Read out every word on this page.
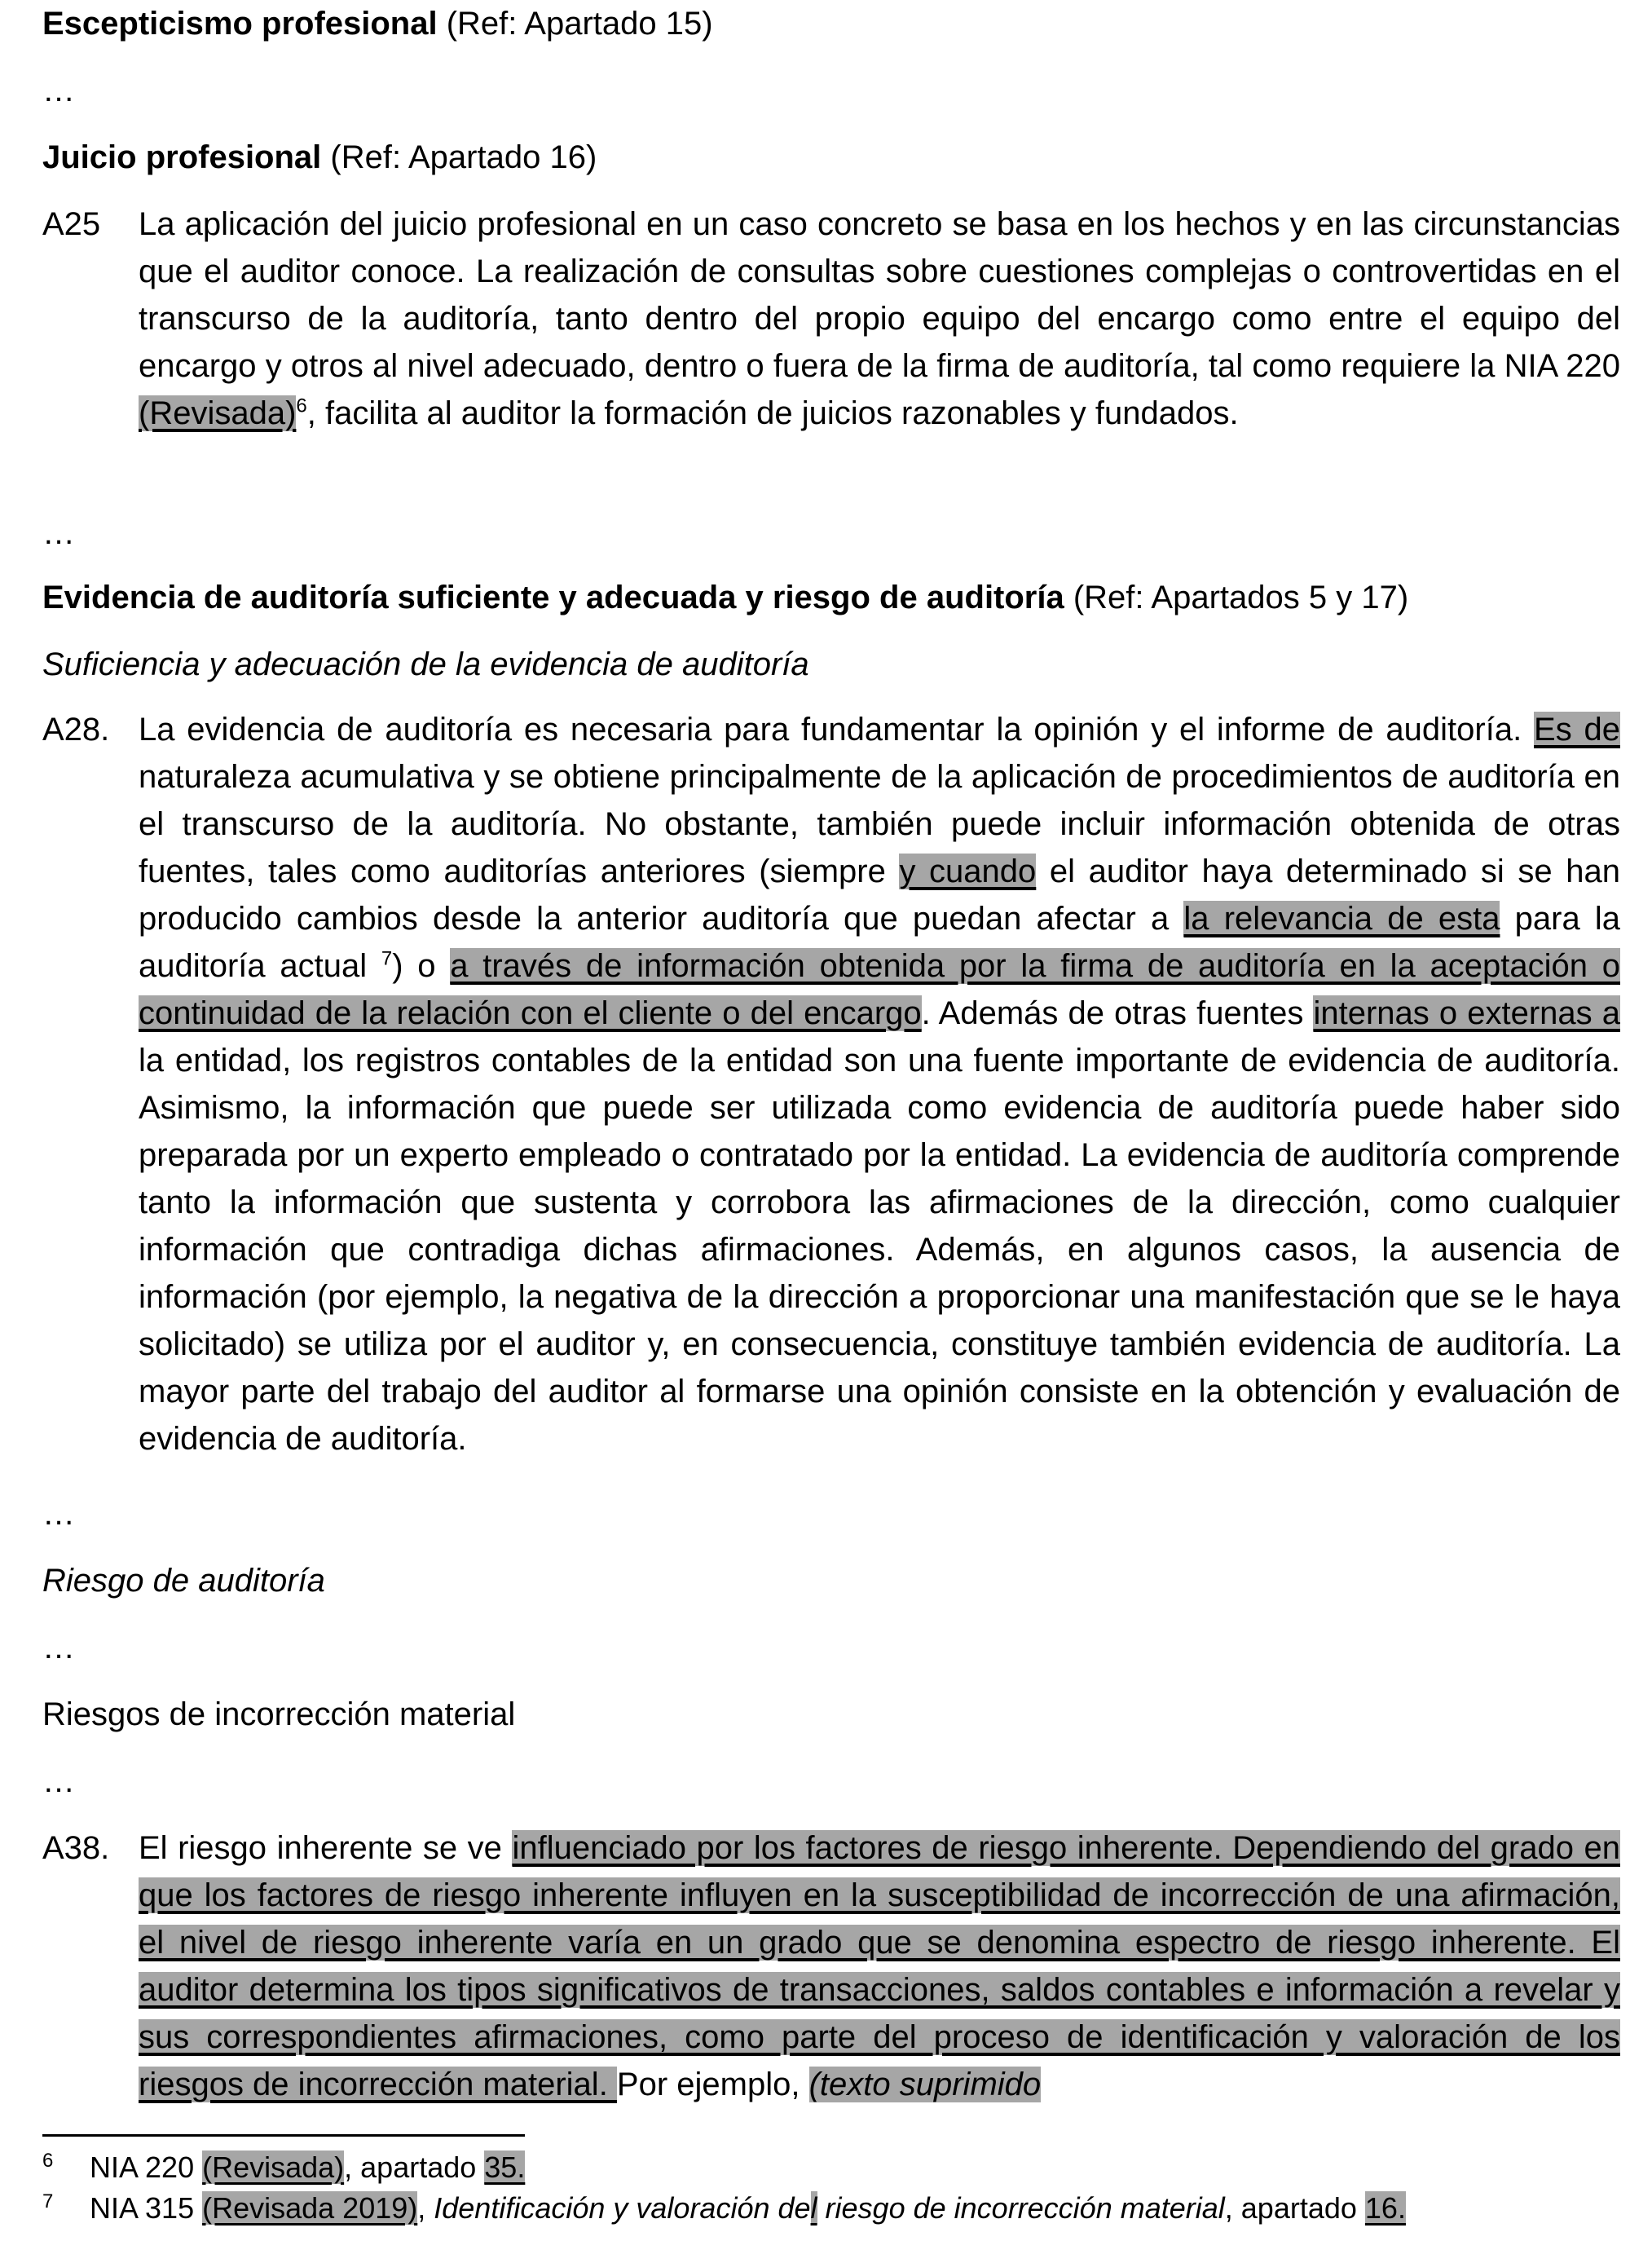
Escepticismo profesional (Ref: Apartado 15)
…
Juicio profesional (Ref: Apartado 16)
A25 La aplicación del juicio profesional en un caso concreto se basa en los hechos y en las circunstancias que el auditor conoce. La realización de consultas sobre cuestiones complejas o controvertidas en el transcurso de la auditoría, tanto dentro del propio equipo del encargo como entre el equipo del encargo y otros al nivel adecuado, dentro o fuera de la firma de auditoría, tal como requiere la NIA 220 (Revisada)$^6$, facilita al auditor la formación de juicios razonables y fundados.
…
Evidencia de auditoría suficiente y adecuada y riesgo de auditoría (Ref: Apartados 5 y 17)
Suficiencia y adecuación de la evidencia de auditoría
A28. La evidencia de auditoría es necesaria para fundamentar la opinión y el informe de auditoría. Es de naturaleza acumulativa y se obtiene principalmente de la aplicación de procedimientos de auditoría en el transcurso de la auditoría. No obstante, también puede incluir información obtenida de otras fuentes, tales como auditorías anteriores (siempre y cuando el auditor haya determinado si se han producido cambios desde la anterior auditoría que puedan afectar a la relevancia de esta para la auditoría actual $^7$) o a través de información obtenida por la firma de auditoría en la aceptación o continuidad de la relación con el cliente o del encargo. Además de otras fuentes internas o externas a la entidad, los registros contables de la entidad son una fuente importante de evidencia de auditoría. Asimismo, la información que puede ser utilizada como evidencia de auditoría puede haber sido preparada por un experto empleado o contratado por la entidad. La evidencia de auditoría comprende tanto la información que sustenta y corrobora las afirmaciones de la dirección, como cualquier información que contradiga dichas afirmaciones. Además, en algunos casos, la ausencia de información (por ejemplo, la negativa de la dirección a proporcionar una manifestación que se le haya solicitado) se utiliza por el auditor y, en consecuencia, constituye también evidencia de auditoría. La mayor parte del trabajo del auditor al formarse una opinión consiste en la obtención y evaluación de evidencia de auditoría.
…
Riesgo de auditoría
…
Riesgos de incorrección material
…
A38. El riesgo inherente se ve influenciado por los factores de riesgo inherente. Dependiendo del grado en que los factores de riesgo inherente influyen en la susceptibilidad de incorrección de una afirmación, el nivel de riesgo inherente varía en un grado que se denomina espectro de riesgo inherente. El auditor determina los tipos significativos de transacciones, saldos contables e información a revelar y sus correspondientes afirmaciones, como parte del proceso de identificación y valoración de los riesgos de incorrección material. Por ejemplo, (texto suprimido
6 NIA 220 (Revisada), apartado 35.
7 NIA 315 (Revisada 2019), Identificación y valoración del riesgo de incorrección material, apartado 16.
